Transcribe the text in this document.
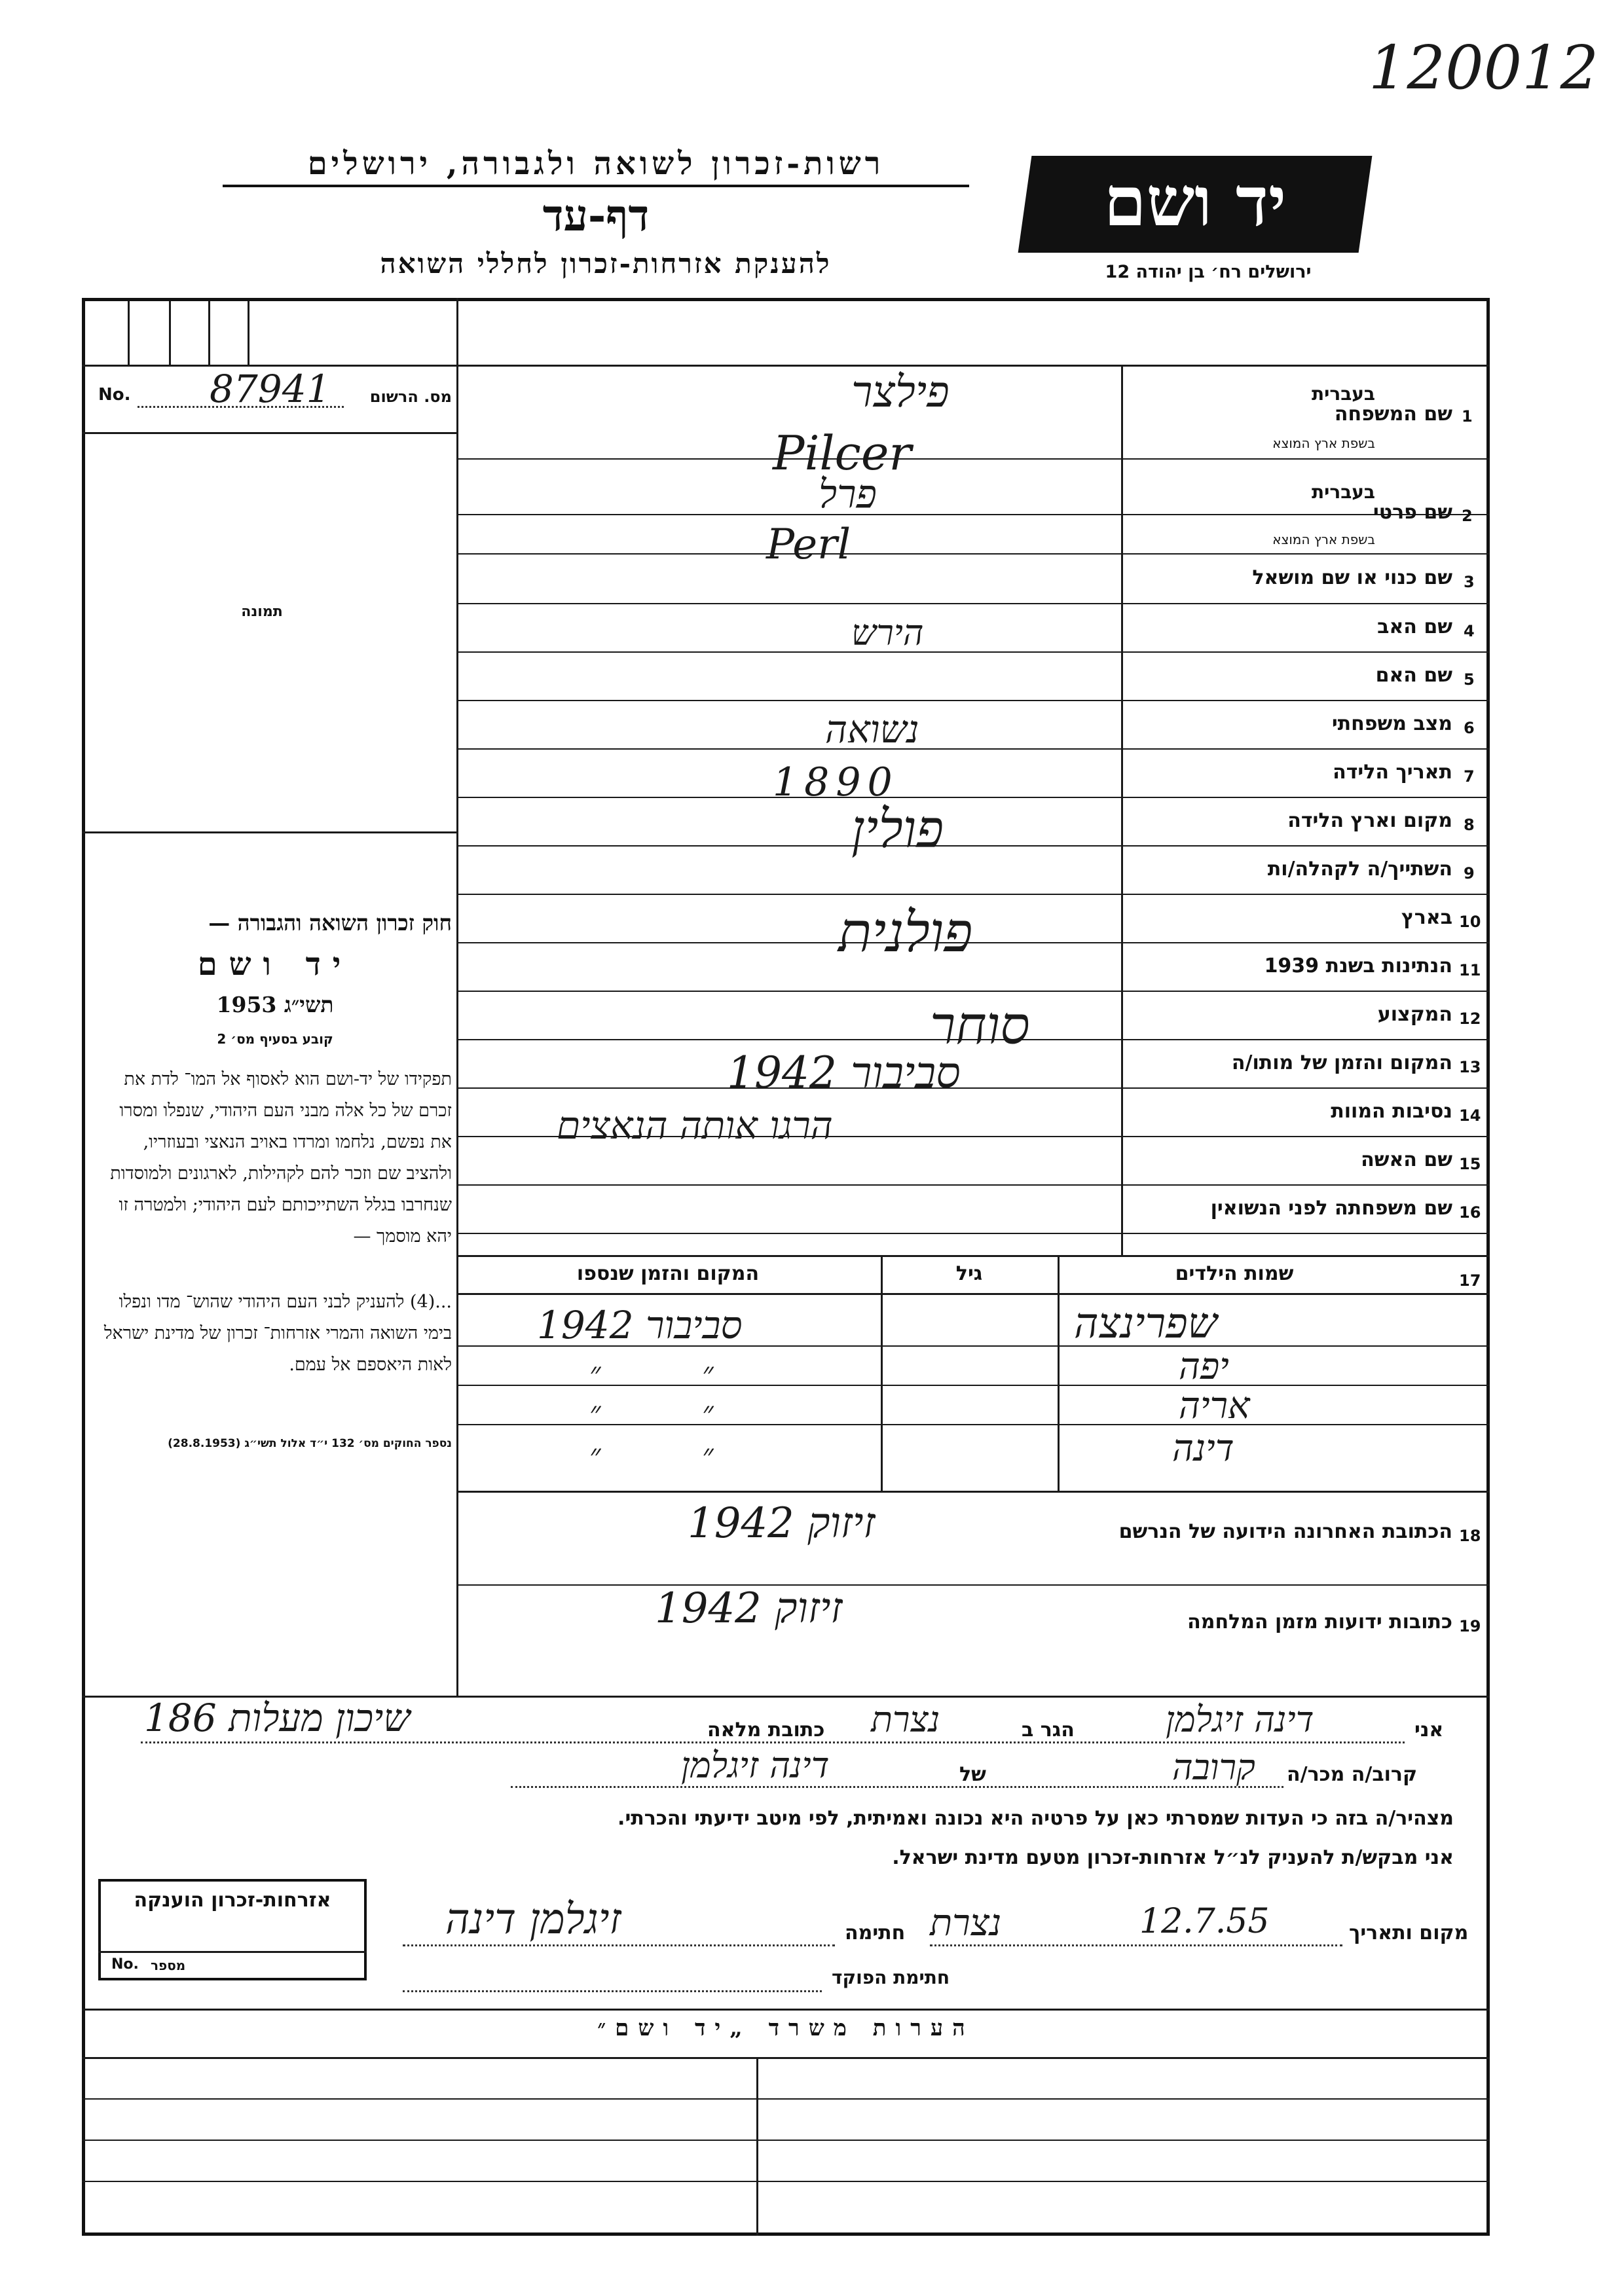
120012
רשות-זכרון לשואה ולגבורה, ירושלים
דף-עד
להענקת אזרחות-זכרון לחללי השואה
יד ושם
ירושלים רח׳ בן יהודה 12
No. 87941	מס. הרשום
תמונה
חוק זכרון השואה והגבורה —
יד ושם
תשי״ג 1953
קובע בסעיף מס׳ 2
תפקידו של יד-ושם הוא לאסוף אל המו־ לדת את זכרם של כל אלה מבני העם היהודי, שנפלו ומסרו את נפשם, נלחמו ומרדו באויב הנאצי ובעוזריו, ולהציב שם וזכר להם לקהילות, לארגונים ולמוסדות שנחרבו בגלל השתייכותם לעם היהודי; ולמטרה זו יהא מוסמך —
...(4) להעניק לבני העם היהודי שהוש־ מדו ונפלו בימי השואה והמרי אזרחות־ זכרון של מדינת ישראל לאות היאספם אל עמם.
נספר החוקים מס׳ 132 י״ד אלול תשי״ג (28.8.1953)
1
שם המשפחה
בעברית
בשפת ארץ המוצא
פילצר
Pilcer
2
שם פרטי
בעברית
בשפת ארץ המוצא
פרל
Perl
3
שם כנוי או שם מושאל
4
שם האב
5
שם האם
6
מצב משפחתי
7
תאריך הלידה
8
מקום וארץ הלידה
9
השתייך/ה לקהלה/ות
10
בארץ
11
הנתינות בשנת 1939
12
המקצוע
13
המקום והזמן של מותו/ה
14
נסיבות המוות
15
שם האשה
16
שם משפחתה לפני הנשואין
הירש
נשואה
1890
פולין
פולנית
סוחר
סביבור 1942
הרגו אותה הנאצים
17
שמות הילדים
גיל
המקום והזמן שנספו
שפרינצה
יפה
אריה
דינה
סביבור 1942
״ ״
״ ״
״ ״
18
הכתובת האחרונה הידועה של הנרשם
זיזוק 1942
19
כתובות ידועות מזמן המלחמה
זיזוק 1942
אני
דינה זיגלמן
הגר ב
נצרת
כתובת מלאה
שיכון מעלות 186
קרוב/ה מכר/ה
קרובה
של
דינה זיגלמן
מצהיר/ה בזה כי העדות שמסרתי כאן על פרטיה היא נכונה ואמיתית, לפי מיטב ידיעתי והכרתי.
אני מבקש/ת להעניק לנ״ל אזרחות-זכרון מטעם מדינת ישראל.
מקום ותאריך
נצרת	12.7.55
חתימה
זיגלמן דינה
חתימת הפוקד
אזרחות-זכרון הוענקה
No. מספר
הערות משרד „יד ושם״
